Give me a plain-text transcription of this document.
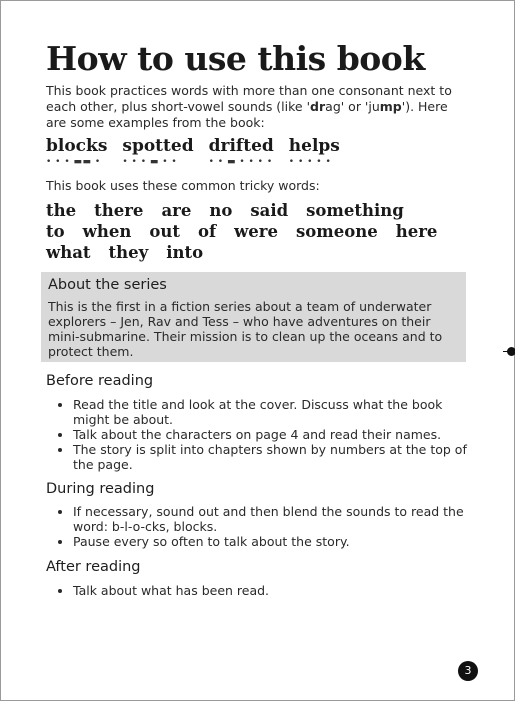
How to use this book
This book practices words with more than one consonant next to each other, plus short-vowel sounds (like 'drag' or 'jump'). Here are some examples from the book:
blocks
• • • ▬▬ •
spotted
• • • ▬ • •
drifted
• • ▬ • • • •
helps
• • • • •
This book uses these common tricky words:
the there are no said something
to when out of were someone here
what they into
About the series
This is the first in a fiction series about a team of underwater explorers – Jen, Rav and Tess – who have adventures on their mini-submarine. Their mission is to clean up the oceans and to protect them.
Before reading
• Read the title and look at the cover. Discuss what the book might be about.
• Talk about the characters on page 4 and read their names.
• The story is split into chapters shown by numbers at the top of the page.
During reading
• If necessary, sound out and then blend the sounds to read the word: b-l-o-cks, blocks.
• Pause every so often to talk about the story.
After reading
• Talk about what has been read.
3
